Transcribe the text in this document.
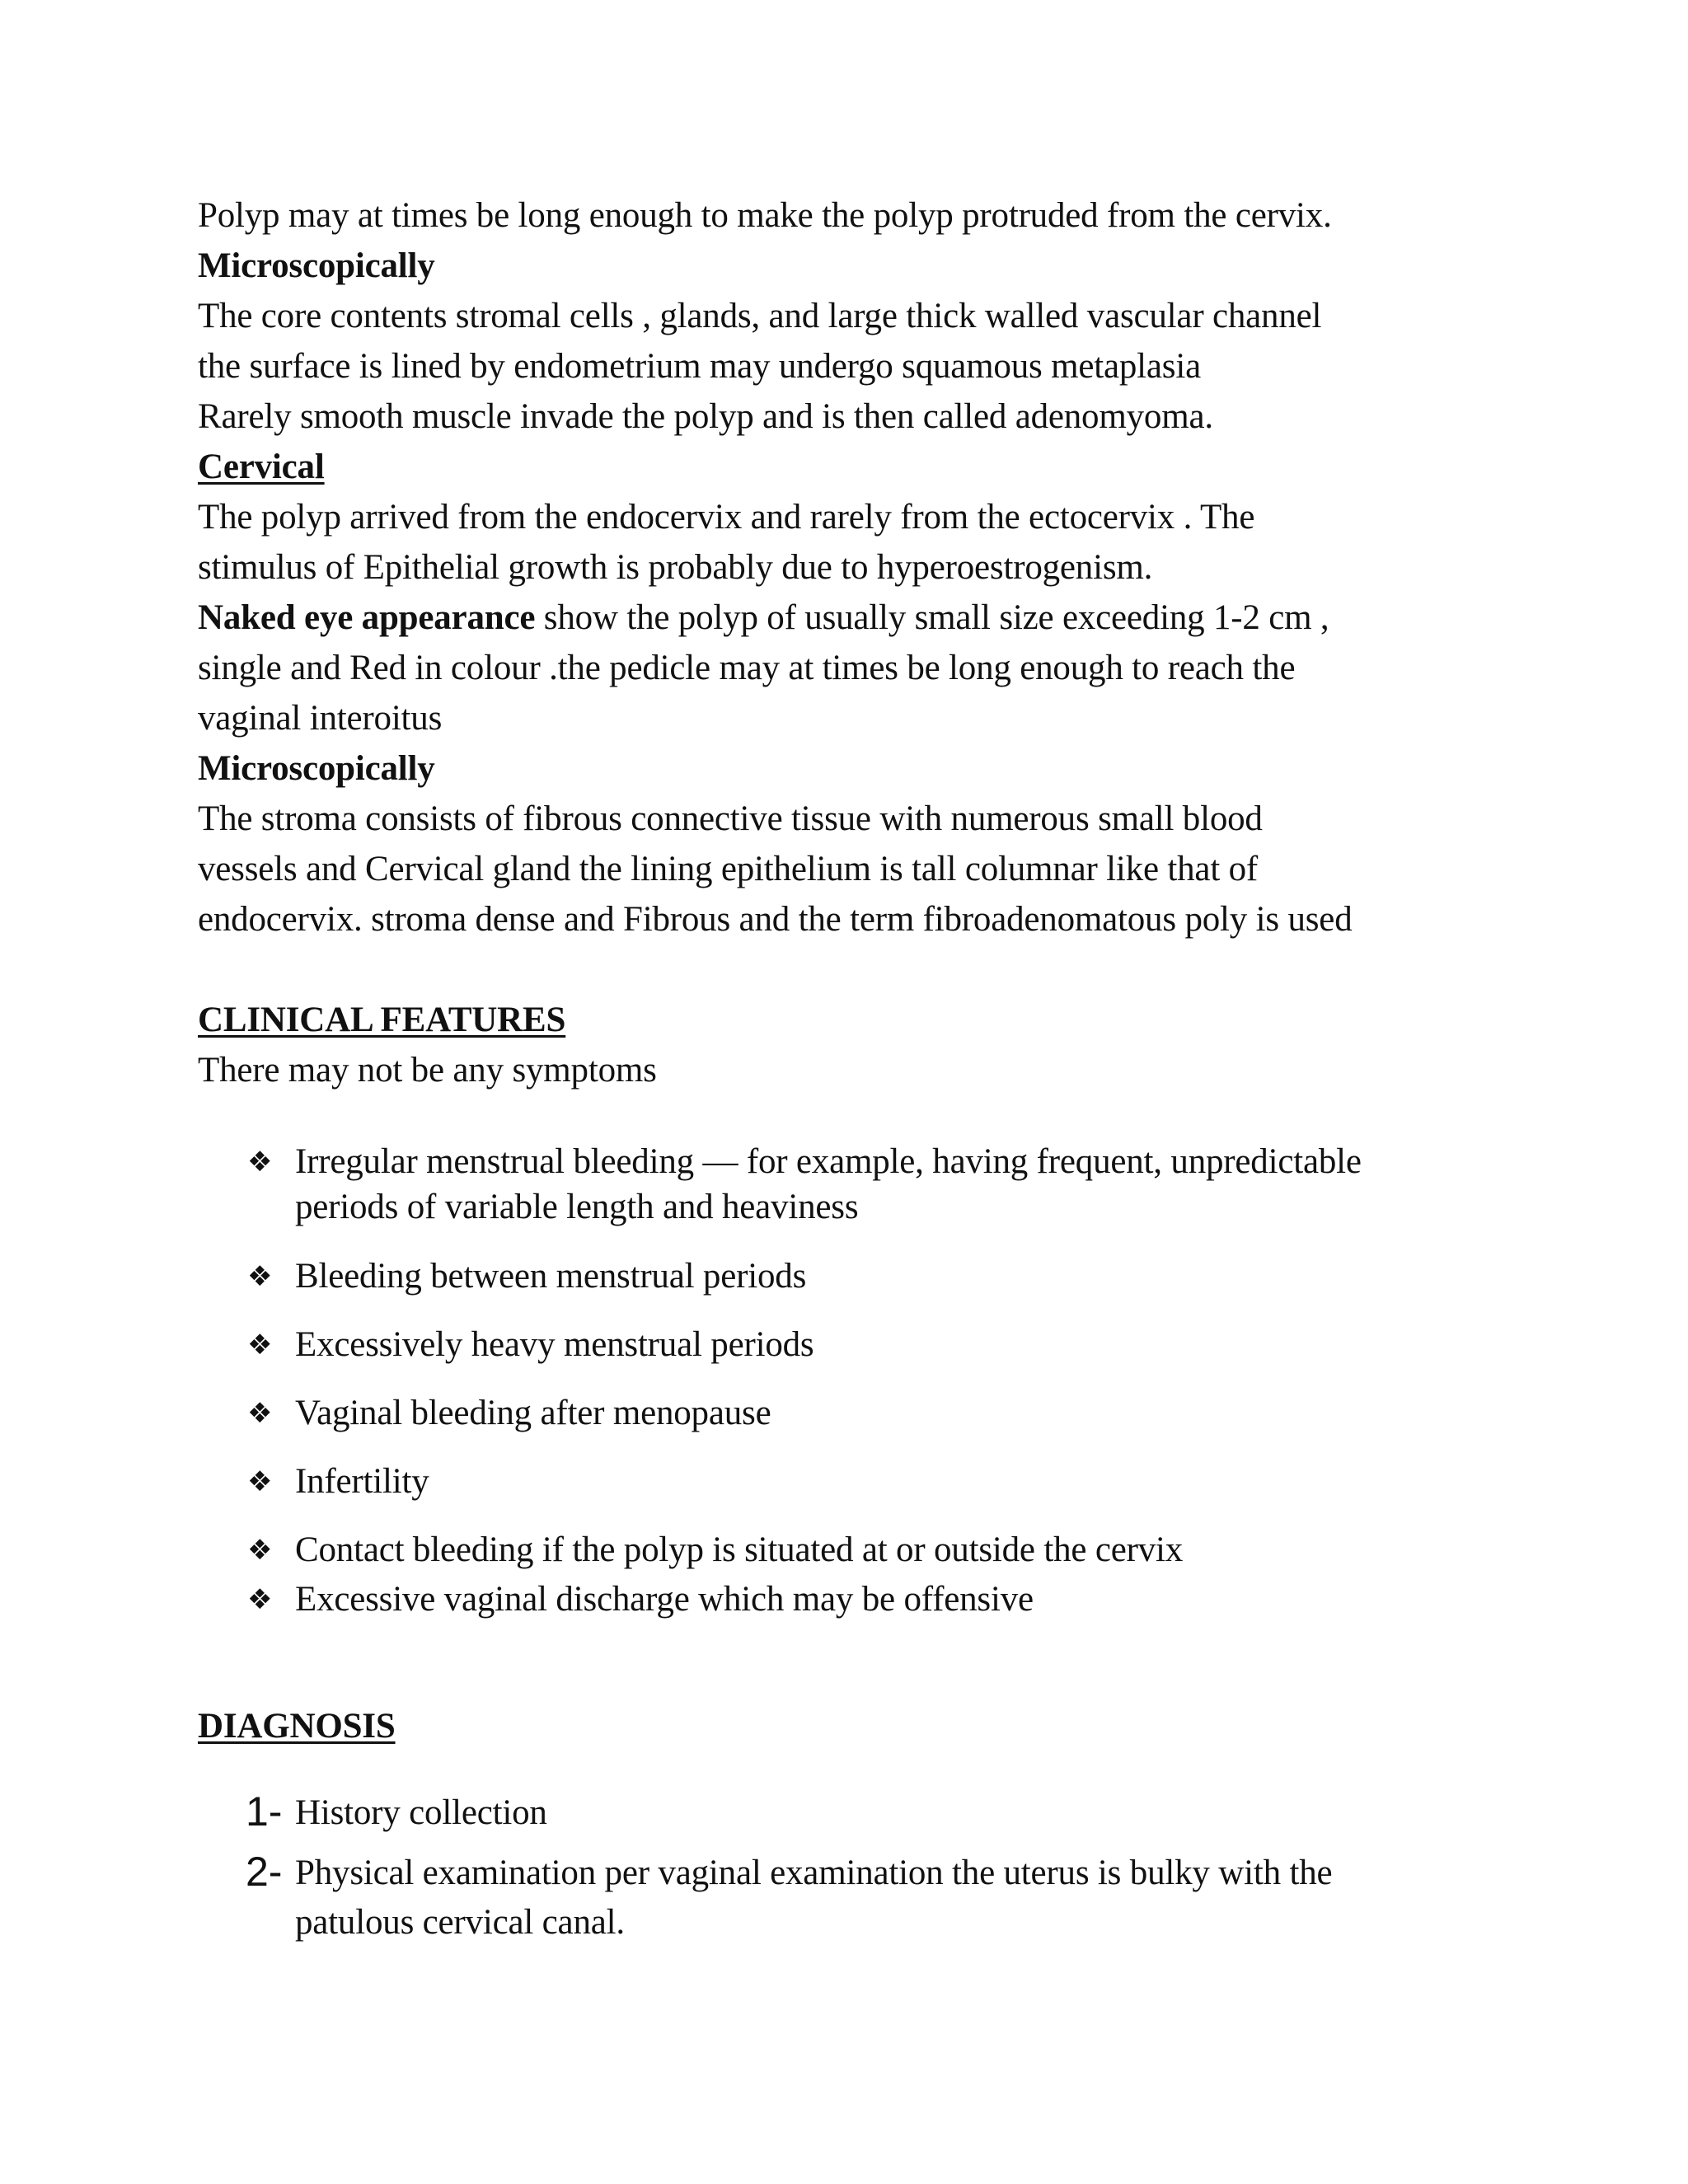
Polyp may at times be long enough to make the polyp protruded from the cervix.
Microscopically
The core contents stromal cells , glands, and large thick walled vascular channel
the surface is lined by endometrium may undergo squamous metaplasia
Rarely smooth muscle invade the polyp and is then called adenomyoma.
Cervical
The polyp arrived from the endocervix and rarely from the ectocervix . The
stimulus of Epithelial growth is probably due to hyperoestrogenism.
Naked eye appearance show the polyp of usually small size exceeding 1-2 cm ,
single and Red in colour .the pedicle may at times be long enough to reach the
vaginal interoitus
Microscopically
The stroma consists of fibrous connective tissue with numerous small blood
vessels and Cervical gland the lining epithelium is tall columnar like that of
endocervix. stroma dense and Fibrous and the term fibroadenomatous poly is used
CLINICAL FEATURES
There may not be any symptoms
❖ Irregular menstrual bleeding — for example, having frequent, unpredictable
periods of variable length and heaviness
❖ Bleeding between menstrual periods
❖ Excessively heavy menstrual periods
❖ Vaginal bleeding after menopause
❖ Infertility
❖ Contact bleeding if the polyp is situated at or outside the cervix
❖ Excessive vaginal discharge which may be offensive
DIAGNOSIS
1- History collection
2- Physical examination per vaginal examination the uterus is bulky with the
patulous cervical canal.
